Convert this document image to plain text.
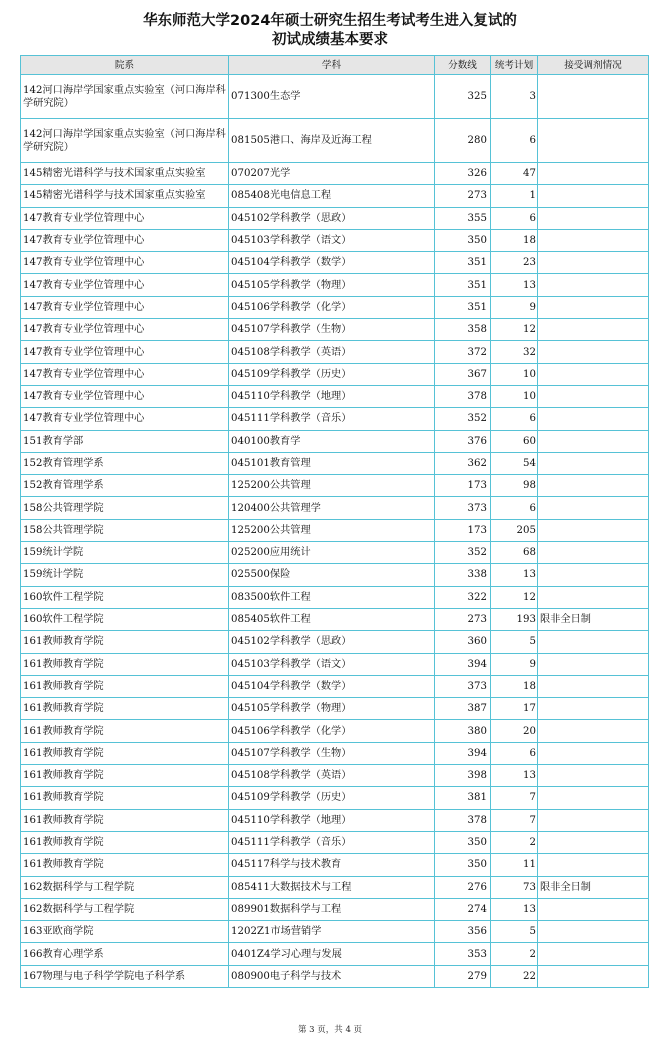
华东师范大学2024年硕士研究生招生考试考生进入复试的
初试成绩基本要求
院系	学科	分数线	统考计划	接受调剂情况
142河口海岸学国家重点实验室（河口海岸科学研究院）	071300生态学	325	3	
142河口海岸学国家重点实验室（河口海岸科学研究院）	081505港口、海岸及近海工程	280	6	
145精密光谱科学与技术国家重点实验室	070207光学	326	47	
145精密光谱科学与技术国家重点实验室	085408光电信息工程	273	1	
147教育专业学位管理中心	045102学科教学（思政）	355	6	
147教育专业学位管理中心	045103学科教学（语文）	350	18	
147教育专业学位管理中心	045104学科教学（数学）	351	23	
147教育专业学位管理中心	045105学科教学（物理）	351	13	
147教育专业学位管理中心	045106学科教学（化学）	351	9	
147教育专业学位管理中心	045107学科教学（生物）	358	12	
147教育专业学位管理中心	045108学科教学（英语）	372	32	
147教育专业学位管理中心	045109学科教学（历史）	367	10	
147教育专业学位管理中心	045110学科教学（地理）	378	10	
147教育专业学位管理中心	045111学科教学（音乐）	352	6	
151教育学部	040100教育学	376	60	
152教育管理学系	045101教育管理	362	54	
152教育管理学系	125200公共管理	173	98	
158公共管理学院	120400公共管理学	373	6	
158公共管理学院	125200公共管理	173	205	
159统计学院	025200应用统计	352	68	
159统计学院	025500保险	338	13	
160软件工程学院	083500软件工程	322	12	
160软件工程学院	085405软件工程	273	193	限非全日制
161教师教育学院	045102学科教学（思政）	360	5	
161教师教育学院	045103学科教学（语文）	394	9	
161教师教育学院	045104学科教学（数学）	373	18	
161教师教育学院	045105学科教学（物理）	387	17	
161教师教育学院	045106学科教学（化学）	380	20	
161教师教育学院	045107学科教学（生物）	394	6	
161教师教育学院	045108学科教学（英语）	398	13	
161教师教育学院	045109学科教学（历史）	381	7	
161教师教育学院	045110学科教学（地理）	378	7	
161教师教育学院	045111学科教学（音乐）	350	2	
161教师教育学院	045117科学与技术教育	350	11	
162数据科学与工程学院	085411大数据技术与工程	276	73	限非全日制
162数据科学与工程学院	089901数据科学与工程	274	13	
163亚欧商学院	1202Z1市场营销学	356	5	
166教育心理学系	0401Z4学习心理与发展	353	2	
167物理与电子科学学院电子科学系	080900电子科学与技术	279	22	
第 3 页，共 4 页
